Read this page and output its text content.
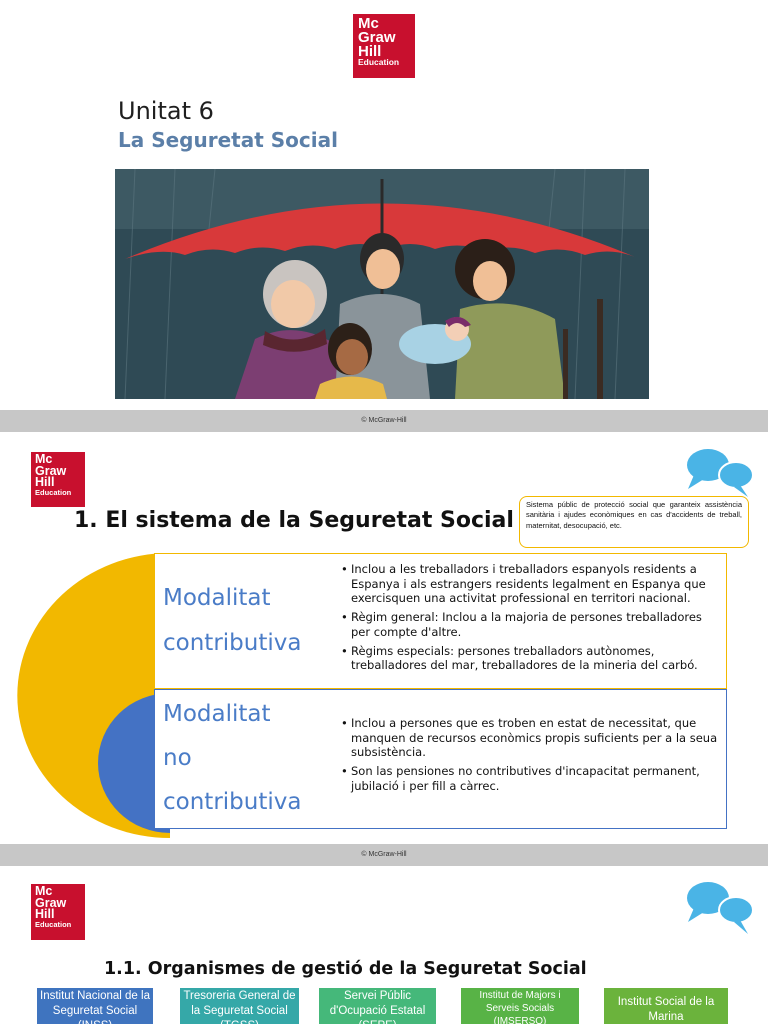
Mc
Graw
Hill
Education
Unitat 6
La Seguretat Social
© McGraw-Hill
Mc
Graw
Hill
Education
1. El sistema de la Seguretat Social
Sistema públic de protecció social que garanteix assistència sanitària i ajudes econòmiques en cas d'accidents de treball, maternitat, desocupació, etc.
Modalitat
contributiva
• Inclou a les treballadors i treballadors espanyols residents a Espanya i als estrangers residents legalment en Espanya que exercisquen una activitat professional en territori nacional.
• Règim general: Inclou a la majoria de persones treballadores per compte d'altre.
• Règims especials: persones treballadors autònomes, treballadores del mar, treballadores de la mineria del carbó.
Modalitat
no
contributiva
• Inclou a persones que es troben en estat de necessitat, que manquen de recursos econòmics propis suficients per a la seua subsistència.
• Son las pensiones no contributives d'incapacitat permanent, jubilació i per fill a càrrec.
© McGraw-Hill
Mc
Graw
Hill
Education
1.1. Organismes de gestió de la Seguretat Social
Institut Nacional de la Seguretat Social (INSS)
Tresoreria General de la Seguretat Social (TGSS)
Servei Públic d'Ocupació Estatal (SEPE)
Institut de Majors i Serveis Socials (IMSERSO)
Institut Social de la Marina
